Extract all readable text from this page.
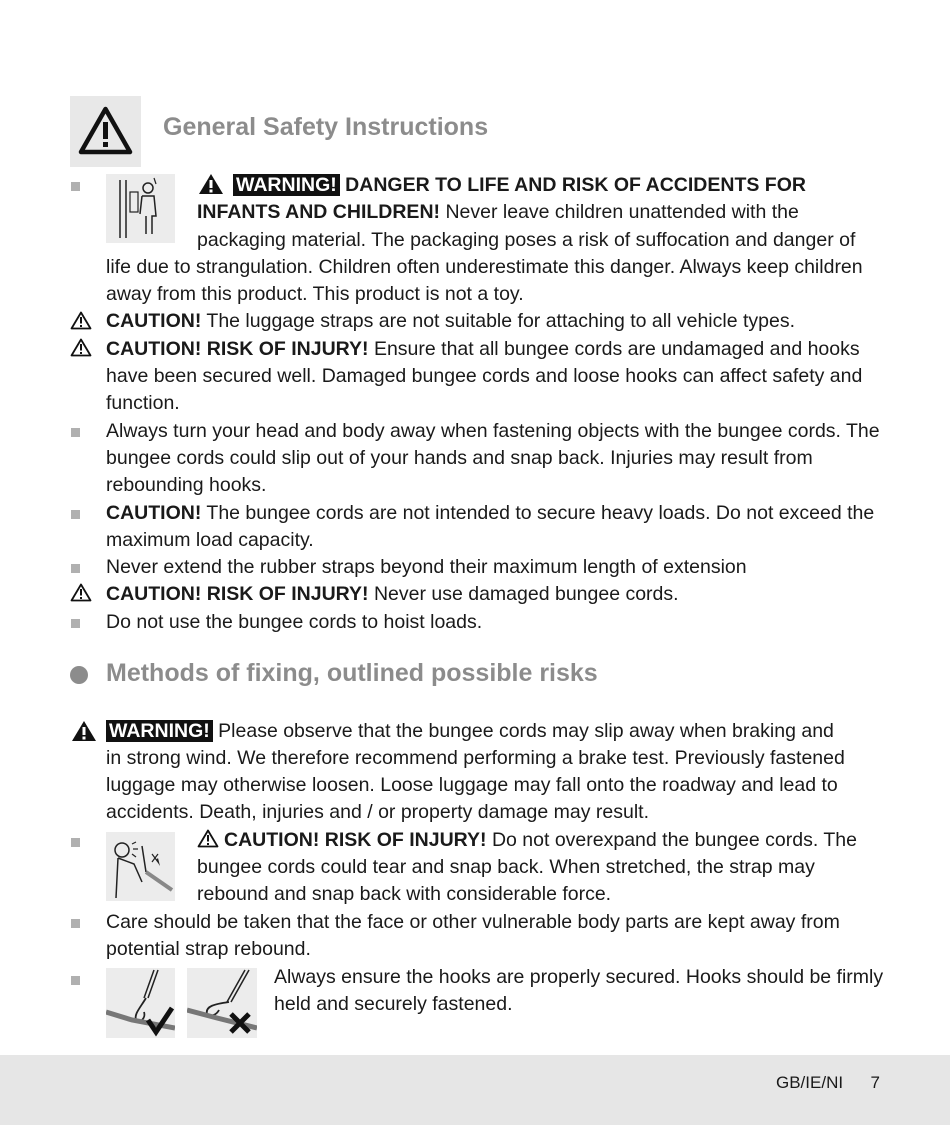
General Safety Instructions
WARNING! DANGER TO LIFE AND RISK OF ACCIDENTS FOR
INFANTS AND CHILDREN! Never leave children unattended with the
packaging material. The packaging poses a risk of suffocation and danger of
life due to strangulation. Children often underestimate this danger. Always keep children
away from this product. This product is not a toy.
CAUTION! The luggage straps are not suitable for attaching to all vehicle types.
CAUTION! RISK OF INJURY! Ensure that all bungee cords are undamaged and hooks
have been secured well. Damaged bungee cords and loose hooks can affect safety and
function.
Always turn your head and body away when fastening objects with the bungee cords. The
bungee cords could slip out of your hands and snap back. Injuries may result from
rebounding hooks.
CAUTION! The bungee cords are not intended to secure heavy loads. Do not exceed the
maximum load capacity.
Never extend the rubber straps beyond their maximum length of extension
CAUTION! RISK OF INJURY! Never use damaged bungee cords.
Do not use the bungee cords to hoist loads.
Methods of fixing, outlined possible risks
WARNING! Please observe that the bungee cords may slip away when braking and
in strong wind. We therefore recommend performing a brake test. Previously fastened
luggage may otherwise loosen. Loose luggage may fall onto the roadway and lead to
accidents. Death, injuries and / or property damage may result.
CAUTION! RISK OF INJURY! Do not overexpand the bungee cords. The
bungee cords could tear and snap back. When stretched, the strap may
rebound and snap back with considerable force.
Care should be taken that the face or other vulnerable body parts are kept away from
potential strap rebound.
Always ensure the hooks are properly secured. Hooks should be firmly
held and securely fastened.
GB/IE/NI 7
